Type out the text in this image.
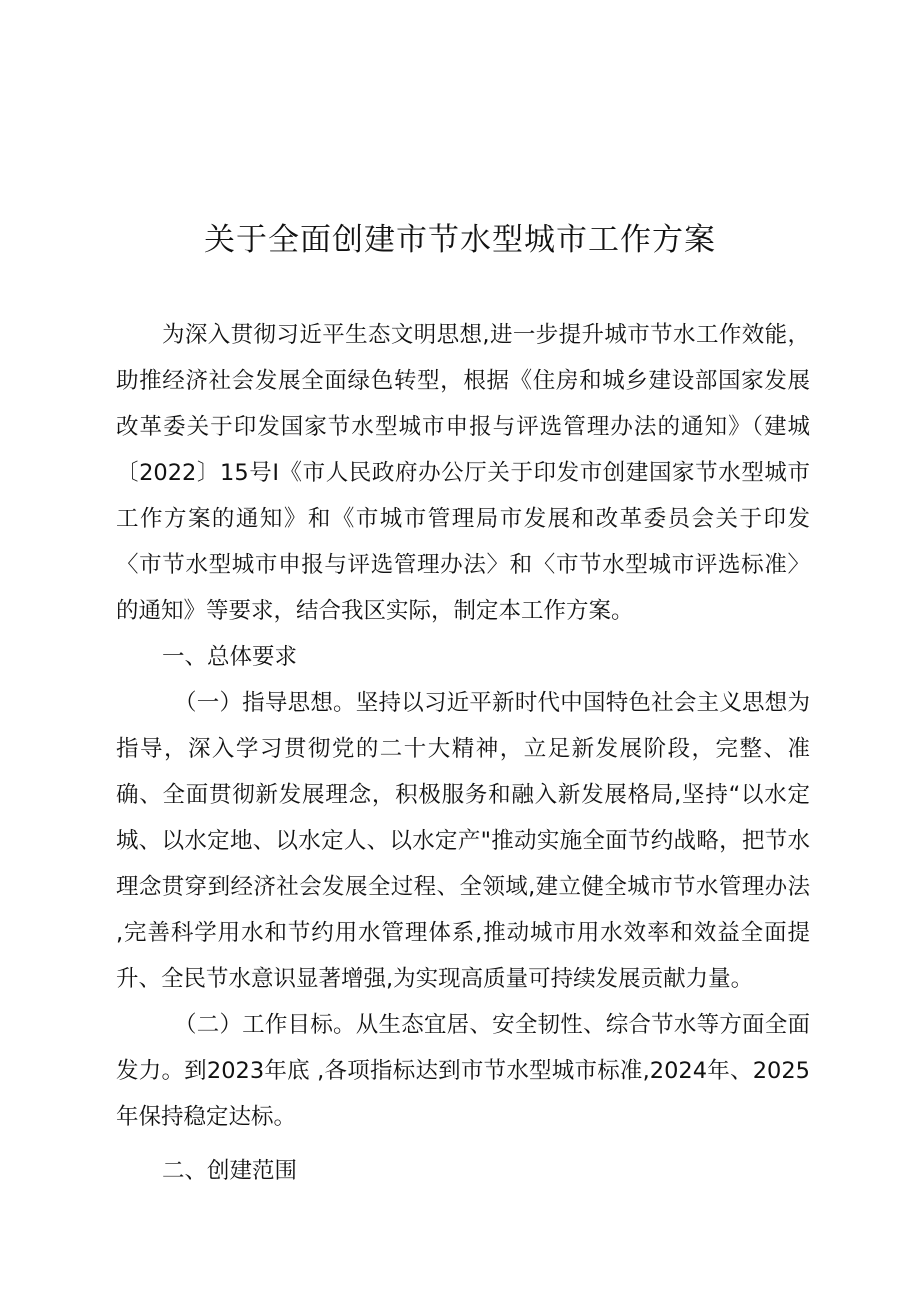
关于全面创建市节水型城市工作方案

为深入贯彻习近平生态文明思想,进一步提升城市节水工作效能，助推经济社会发展全面绿色转型，根据《住房和城乡建设部国家发展改革委关于印发国家节水型城市申报与评选管理办法的通知》（建城〔2022〕15号I《市人民政府办公厅关于印发市创建国家节水型城市工作方案的通知》和《市城市管理局市发展和改革委员会关于印发〈市节水型城市申报与评选管理办法〉和〈市节水型城市评选标准〉的通知》等要求，结合我区实际，制定本工作方案。

一、总体要求

（一）指导思想。坚持以习近平新时代中国特色社会主义思想为指导，深入学习贯彻党的二十大精神，立足新发展阶段，完整、准确、全面贯彻新发展理念，积极服务和融入新发展格局,坚持“以水定城、以水定地、以水定人、以水定产"推动实施全面节约战略，把节水理念贯穿到经济社会发展全过程、全领域,建立健全城市节水管理办法 ,完善科学用水和节约用水管理体系,推动城市用水效率和效益全面提升、全民节水意识显著增强,为实现高质量可持续发展贡献力量。

（二）工作目标。从生态宜居、安全韧性、综合节水等方面全面发力。到2023年底 ,各项指标达到市节水型城市标准,2024年、2025年保持稳定达标。

二、创建范围
